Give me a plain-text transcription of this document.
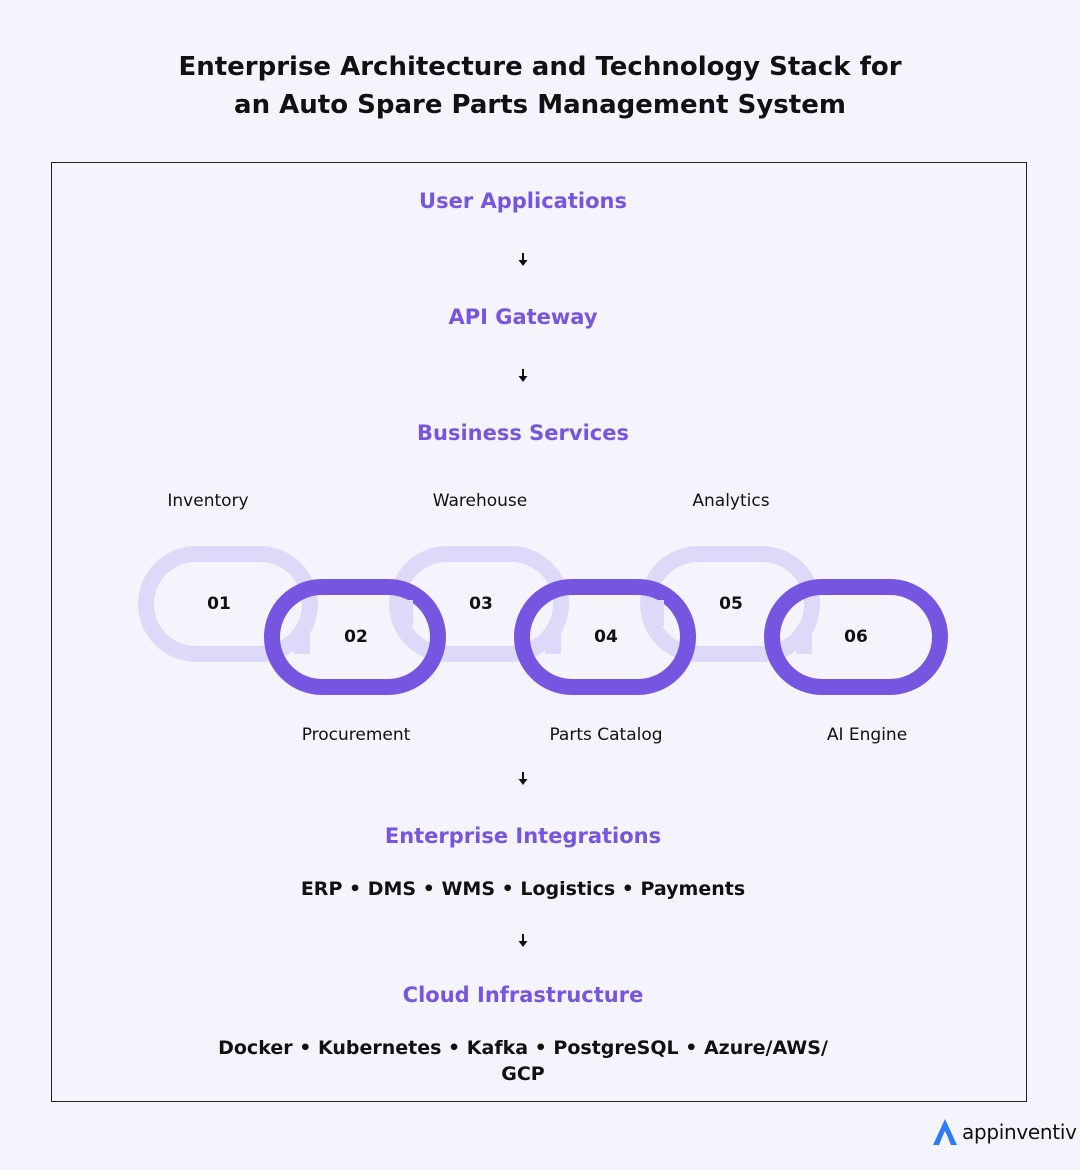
Enterprise Architecture and Technology Stack for
an Auto Spare Parts Management System
User Applications
API Gateway
Business Services
Inventory	Warehouse	Analytics
Procurement	Parts Catalog	AI Engine
01
02
03
04
05
06
Enterprise Integrations
ERP • DMS • WMS • Logistics • Payments
Cloud Infrastructure
Docker • Kubernetes • Kafka • PostgreSQL • Azure/AWS/
GCP
appinventiv
